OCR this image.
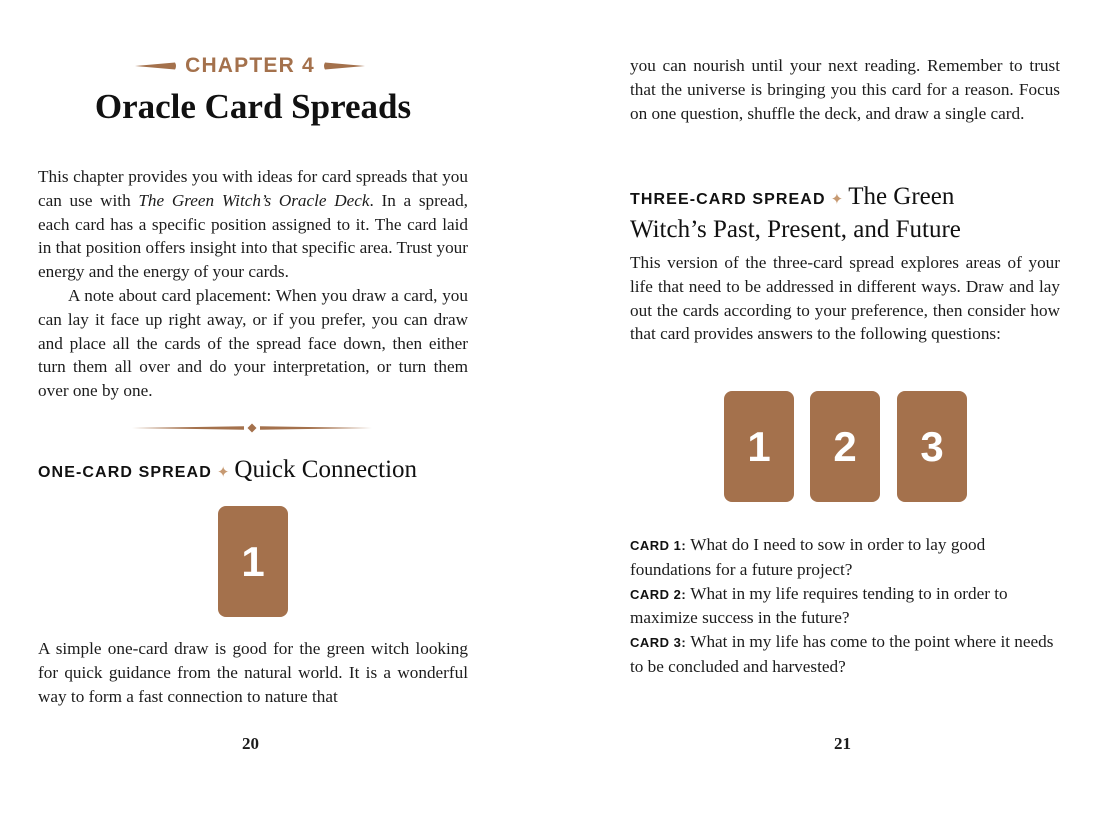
CHAPTER 4
Oracle Card Spreads

This chapter provides you with ideas for card spreads that you can use with The Green Witch’s Oracle Deck. In a spread, each card has a specific position assigned to it. The card laid in that position offers insight into that specific area. Trust your energy and the energy of your cards.

A note about card placement: When you draw a card, you can lay it face up right away, or if you prefer, you can draw and place all the cards of the spread face down, then either turn them all over and do your interpretation, or turn them over one by one.

ONE-CARD SPREAD ✦ Quick Connection
1

A simple one-card draw is good for the green witch looking for quick guidance from the natural world. It is a wonderful way to form a fast connection to nature that

20

you can nourish until your next reading. Remember to trust that the universe is bringing you this card for a reason. Focus on one question, shuffle the deck, and draw a single card.

THREE-CARD SPREAD ✦ The Green
Witch’s Past, Present, and Future

This version of the three-card spread explores areas of your life that need to be addressed in different ways. Draw and lay out the cards according to your preference, then consider how that card provides answers to the following questions:

1 2 3

CARD 1: What do I need to sow in order to lay good foundations for a future project?

CARD 2: What in my life requires tending to in order to maximize success in the future?

CARD 3: What in my life has come to the point where it needs to be concluded and harvested?

21
